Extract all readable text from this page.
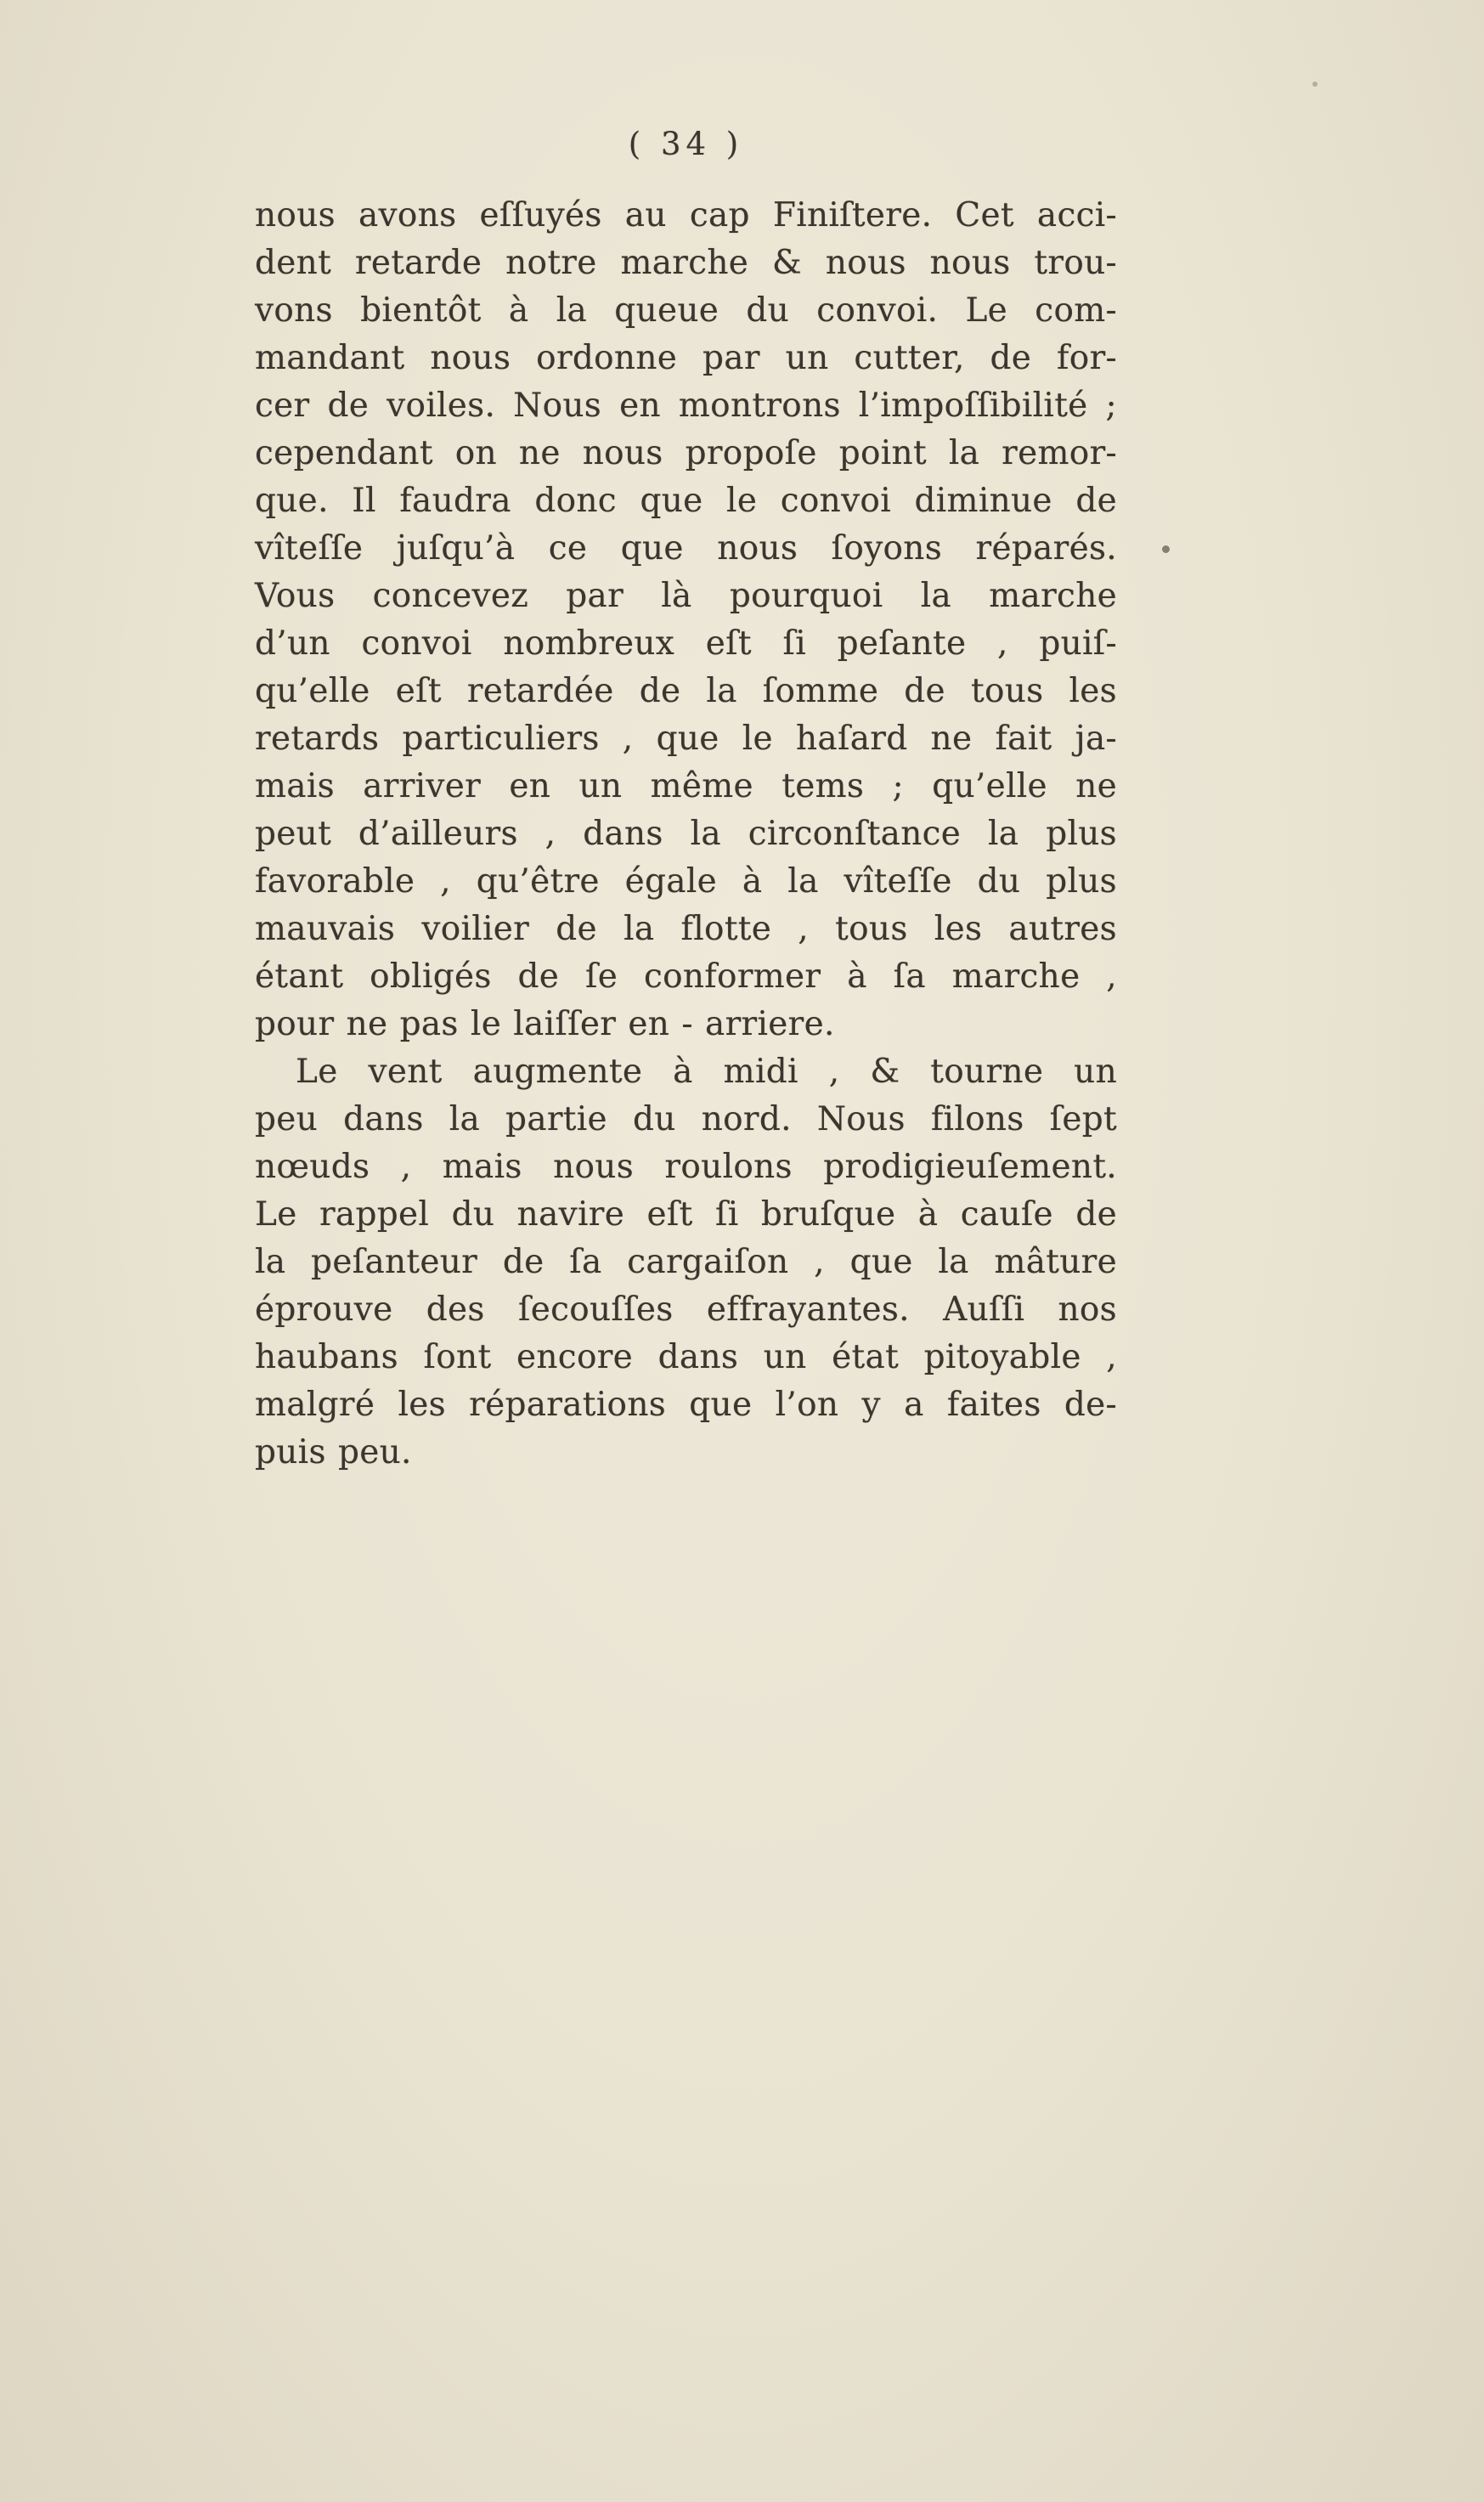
( 34 )
nous avons eſſuyés au cap Finiſtere. Cet acci-
dent retarde notre marche & nous nous trou-
vons bientôt à la queue du convoi. Le com-
mandant nous ordonne par un cutter, de for-
cer de voiles. Nous en montrons l’impoſſibilité ;
cependant on ne nous propoſe point la remor-
que. Il faudra donc que le convoi diminue de
vîteſſe juſqu’à ce que nous ſoyons réparés.
Vous concevez par là pourquoi la marche
d’un convoi nombreux eſt ſi peſante , puiſ-
qu’elle eſt retardée de la ſomme de tous les
retards particuliers , que le haſard ne fait ja-
mais arriver en un même tems ; qu’elle ne
peut d’ailleurs , dans la circonſtance la plus
favorable , qu’être égale à la vîteſſe du plus
mauvais voilier de la flotte , tous les autres
étant obligés de ſe conformer à ſa marche ,
pour ne pas le laiſſer en - arriere.
Le vent augmente à midi , & tourne un
peu dans la partie du nord. Nous filons ſept
nœuds , mais nous roulons prodigieuſement.
Le rappel du navire eſt ſi bruſque à cauſe de
la peſanteur de ſa cargaiſon , que la mâture
éprouve des ſecouſſes effrayantes. Auſſi nos
haubans ſont encore dans un état pitoyable ,
malgré les réparations que l’on y a faites de-
puis peu.
